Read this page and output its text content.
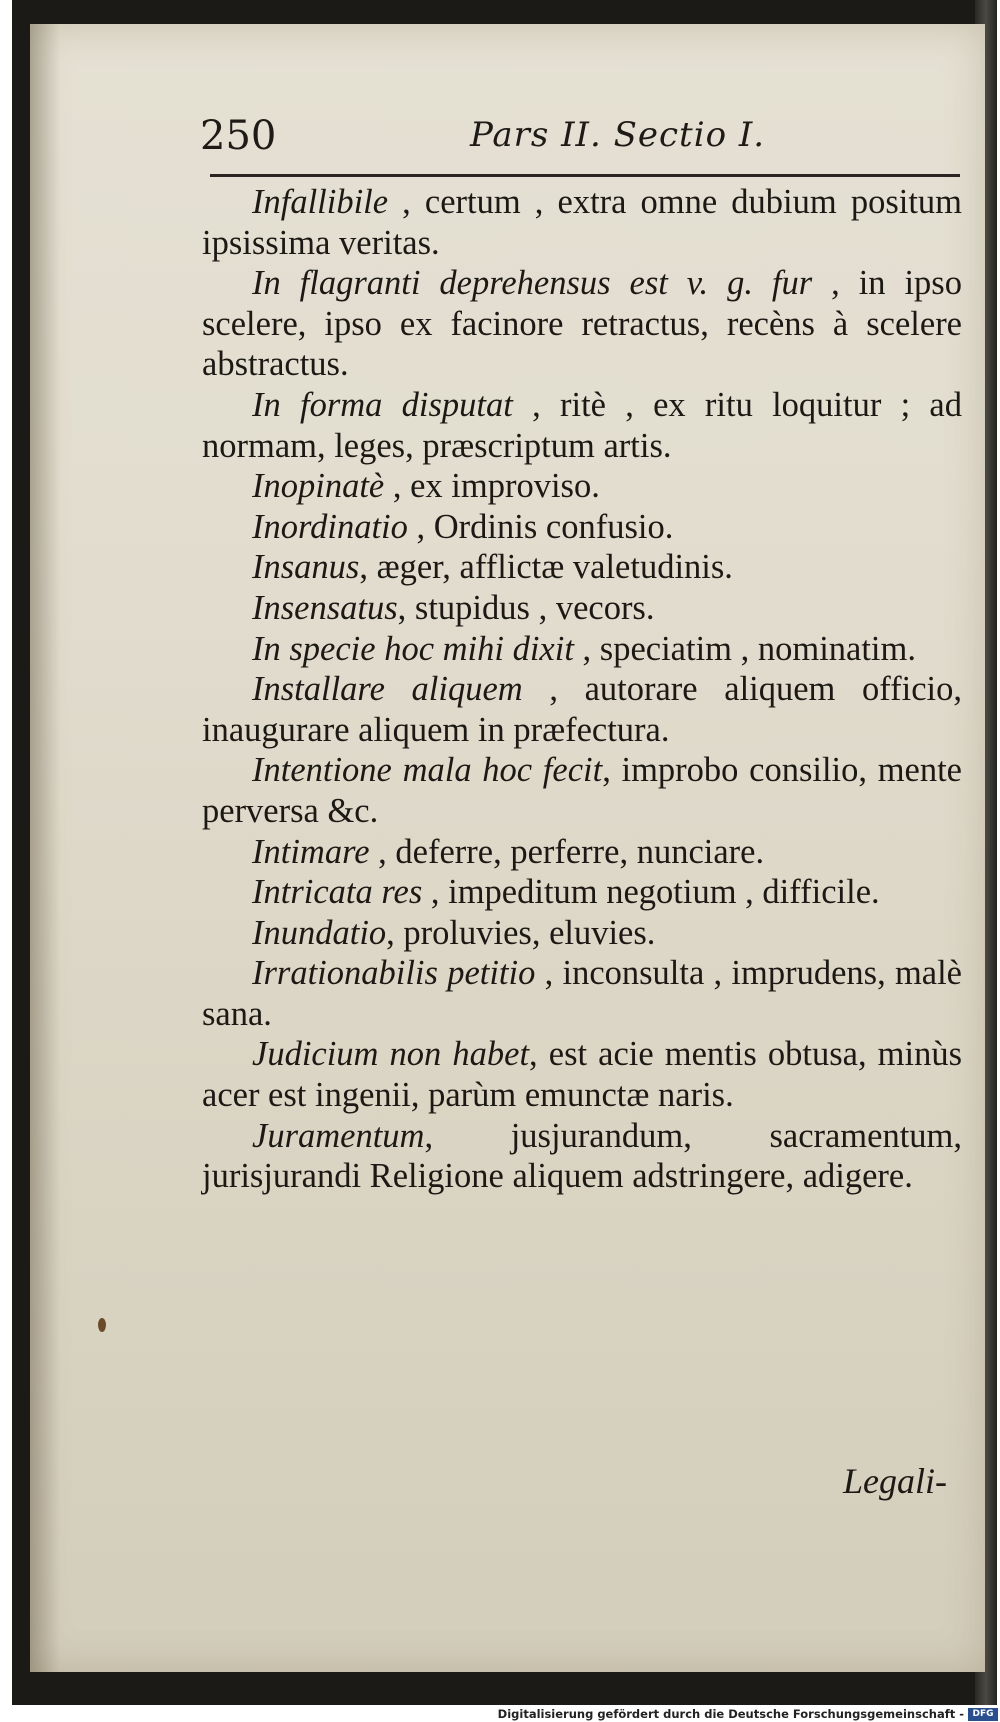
250	Pars II. Sectio I.

Infallibile , certum , extra omne dubium positum ipsissima veritas.

In flagranti deprehensus est v. g. fur , in ipso scelere, ipso ex facinore retractus, recèns à scelere abstractus.

In forma disputat , ritè , ex ritu loquitur ; ad normam, leges, præscriptum artis.

Inopinatè , ex improviso.

Inordinatio , Ordinis confusio.

Insanus, æger, afflictæ valetudinis.

Insensatus, stupidus , vecors.

In specie hoc mihi dixit , speciatim , nominatim.

Installare aliquem , autorare aliquem officio, inaugurare aliquem in præfectura.

Intentione mala hoc fecit, improbo consilio, mente perversa &c.

Intimare , deferre, perferre, nunciare.

Intricata res , impeditum negotium , difficile.

Inundatio, proluvies, eluvies.

Irrationabilis petitio , inconsulta , imprudens, malè sana.

Judicium non habet, est acie mentis obtusa, minùs acer est ingenii, parùm emunctæ naris.

Juramentum, jusjurandum, sacramentum, jurisjurandi Religione aliquem adstringere, adigere.

Legali-
Digitalisierung gefördert durch die Deutsche Forschungsgemeinschaft - DFG
